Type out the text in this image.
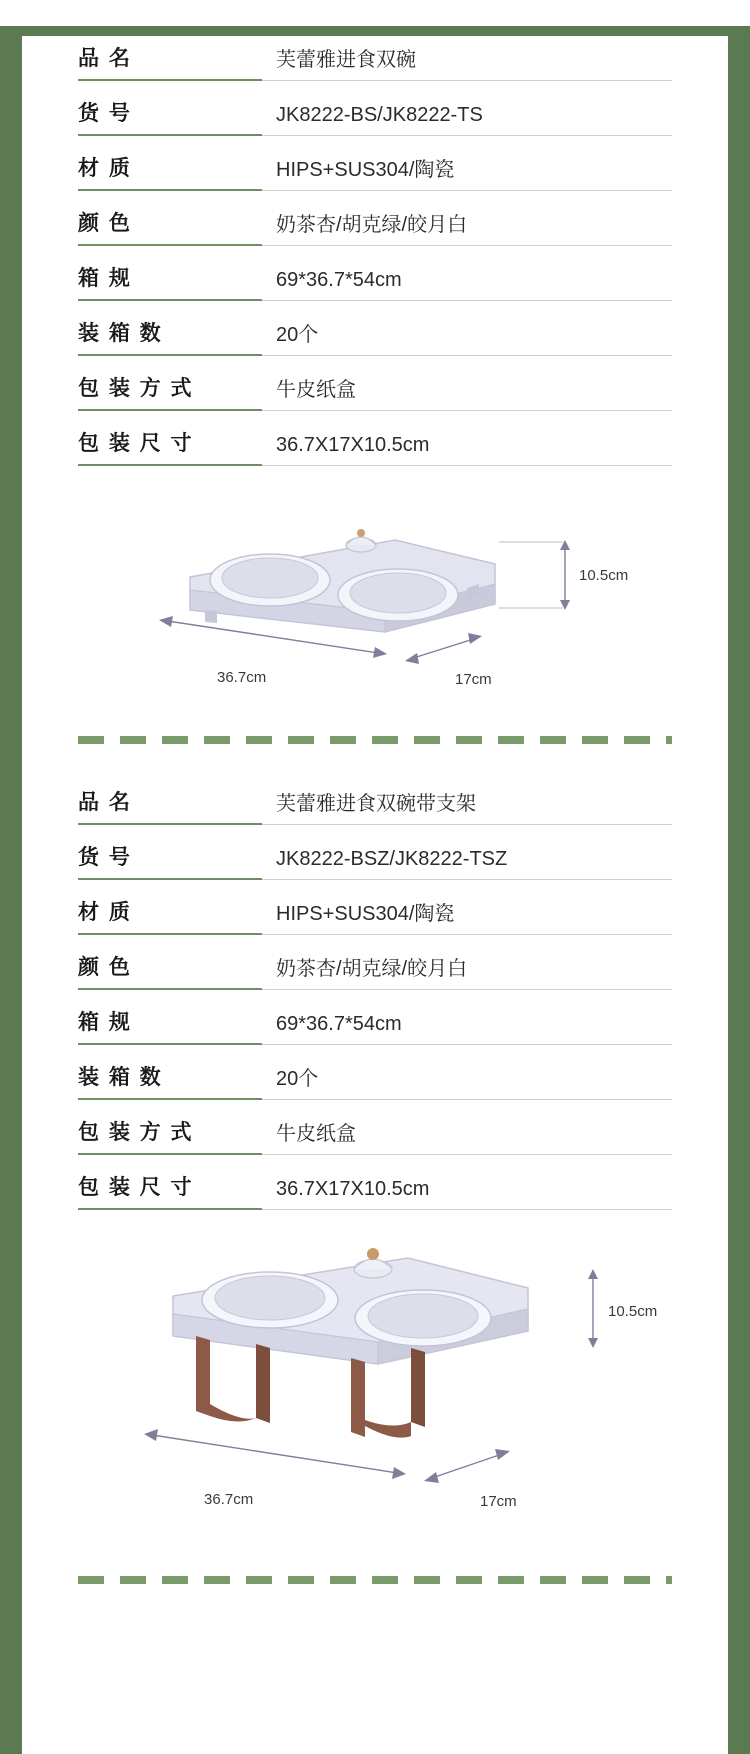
品 名	芙蕾雅进食双碗
货 号	JK8222-BS/JK8222-TS
材 质	HIPS+SUS304/陶瓷
颜 色	奶茶杏/胡克绿/皎月白
箱 规	69*36.7*54cm
装 箱 数	20个
包 装 方 式	牛皮纸盒
包 装 尺 寸	36.7X17X10.5cm
10.5cm
36.7cm	17cm
品 名	芙蕾雅进食双碗带支架
货 号	JK8222-BSZ/JK8222-TSZ
材 质	HIPS+SUS304/陶瓷
颜 色	奶茶杏/胡克绿/皎月白
箱 规	69*36.7*54cm
装 箱 数	20个
包 装 方 式	牛皮纸盒
包 装 尺 寸	36.7X17X10.5cm
10.5cm
36.7cm	17cm
